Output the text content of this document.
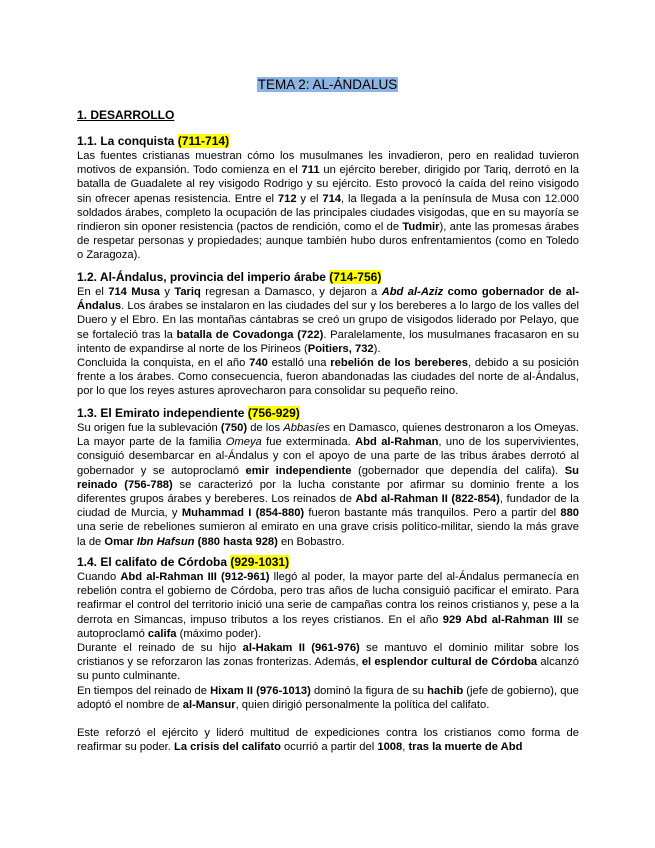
TEMA 2: AL-ÁNDALUS
1. DESARROLLO
1.1. La conquista (711-714)

Las fuentes cristianas muestran cómo los musulmanes les invadieron, pero en realidad tuvieron motivos de expansión. Todo comienza en el 711 un ejército bereber, dirigido por Tariq, derrotó en la batalla de Guadalete al rey visigodo Rodrigo y su ejército. Esto provocó la caída del reino visigodo sin ofrecer apenas resistencia. Entre el 712 y el 714, la llegada a la península de Musa con 12.000 soldados árabes, completo la ocupación de las principales ciudades visigodas, que en su mayoría se rindieron sin oponer resistencia (pactos de rendición, como el de Tudmir), ante las promesas árabes de respetar personas y propiedades; aunque también hubo duros enfrentamientos (como en Toledo o Zaragoza).

1.2. Al-Ándalus, provincia del imperio árabe (714-756)

En el 714 Musa y Tariq regresan a Damasco, y dejaron a Abd al-Aziz como gobernador de al-Ándalus. Los árabes se instalaron en las ciudades del sur y los bereberes a lo largo de los valles del Duero y el Ebro. En las montañas cántabras se creó un grupo de visigodos liderado por Pelayo, que se fortaleció tras la batalla de Covadonga (722). Paralelamente, los musulmanes fracasaron en su intento de expandirse al norte de los Pirineos (Poitiers, 732).

Concluida la conquista, en el año 740 estalló una rebelión de los bereberes, debido a su posición frente a los árabes. Como consecuencia, fueron abandonadas las ciudades del norte de al-Ándalus, por lo que los reyes astures aprovecharon para consolidar su pequeño reino.

1.3. El Emirato independiente (756-929)

Su origen fue la sublevación (750) de los Abbasíes en Damasco, quienes destronaron a los Omeyas. La mayor parte de la familia Omeya fue exterminada. Abd al-Rahman, uno de los supervivientes, consiguió desembarcar en al-Ándalus y con el apoyo de una parte de las tribus árabes derrotó al gobernador y se autoproclamó emir independiente (gobernador que dependía del califa). Su reinado (756-788) se caracterizó por la lucha constante por afirmar su dominio frente a los diferentes grupos árabes y bereberes. Los reinados de Abd al-Rahman II (822-854), fundador de la ciudad de Murcia, y Muhammad I (854-880) fueron bastante más tranquilos. Pero a partir del 880 una serie de rebeliones sumieron al emirato en una grave crisis político-militar, siendo la más grave la de Omar Ibn Hafsun (880 hasta 928) en Bobastro.

1.4. El califato de Córdoba (929-1031)

Cuando Abd al-Rahman III (912-961) llegó al poder, la mayor parte del al-Ándalus permanecía en rebelión contra el gobierno de Córdoba, pero tras años de lucha consiguió pacificar el emirato. Para reafirmar el control del territorio inició una serie de campañas contra los reinos cristianos y, pese a la derrota en Simancas, impuso tributos a los reyes cristianos. En el año 929 Abd al-Rahman III se autoproclamó califa (máximo poder).

Durante el reinado de su hijo al-Hakam II (961-976) se mantuvo el dominio militar sobre los cristianos y se reforzaron las zonas fronterizas. Además, el esplendor cultural de Córdoba alcanzó su punto culminante.

En tiempos del reinado de Hixam II (976-1013) dominó la figura de su hachib (jefe de gobierno), que adoptó el nombre de al-Mansur, quien dirigió personalmente la política del califato.

Este reforzó el ejército y lideró multitud de expediciones contra los cristianos como forma de reafirmar su poder. La crisis del califato ocurrió a partir del 1008, tras la muerte de Abd
